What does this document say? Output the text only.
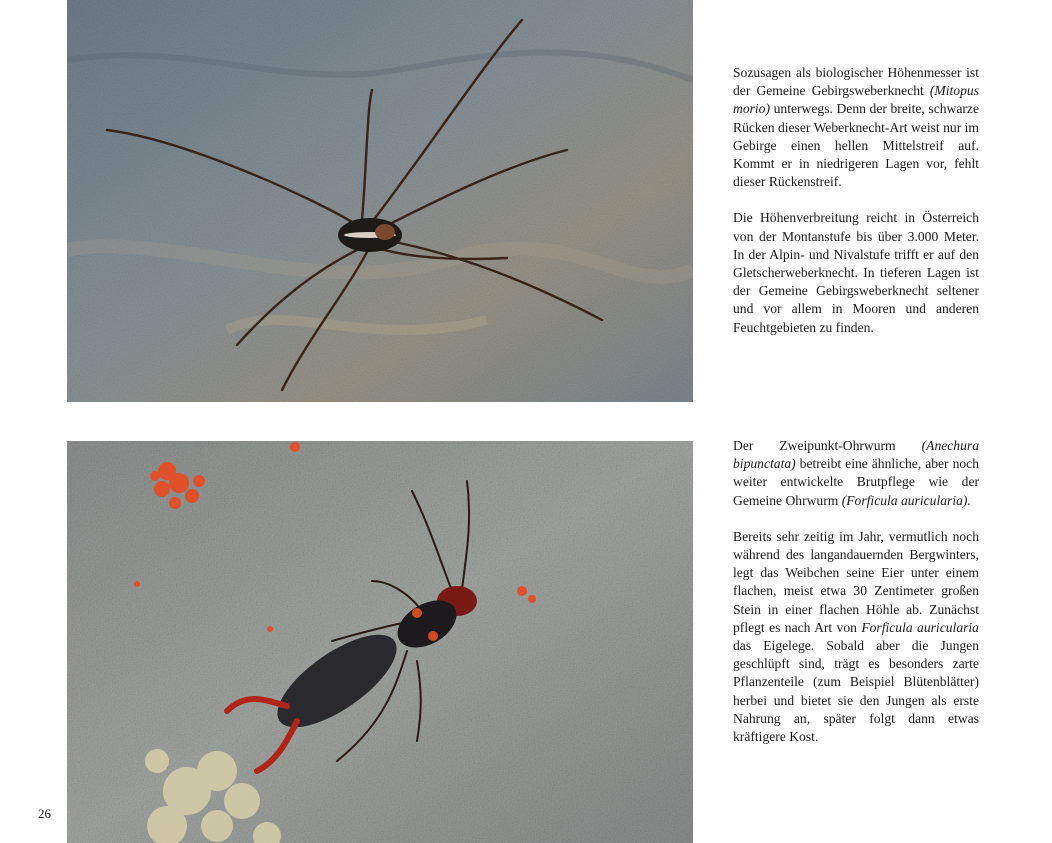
Sozusagen als biologischer Höhenmesser ist der Gemeine Gebirgsweberknecht (Mitopus morio) unterwegs. Denn der breite, schwarze Rücken dieser Weberknecht-Art weist nur im Gebirge einen hellen Mittelstreif auf. Kommt er in niedrigeren Lagen vor, fehlt dieser Rückenstreif.

Die Höhenverbreitung reicht in Österreich von der Montanstufe bis über 3.000 Meter. In der Alpin- und Nivalstufe trifft er auf den Gletscherweberknecht. In tieferen Lagen ist der Gemeine Gebirgsweberknecht seltener und vor allem in Mooren und anderen Feuchtgebieten zu finden.

Der Zweipunkt-Ohrwurm (Anechura bipunctata) betreibt eine ähnliche, aber noch weiter entwickelte Brutpflege wie der Gemeine Ohrwurm (Forficula auricularia).

Bereits sehr zeitig im Jahr, vermutlich noch während des langandauernden Bergwinters, legt das Weibchen seine Eier unter einem flachen, meist etwa 30 Zentimeter großen Stein in einer flachen Höhle ab. Zunächst pflegt es nach Art von Forficula auricularia das Eigelege. Sobald aber die Jungen geschlüpft sind, trägt es besonders zarte Pflanzenteile (zum Beispiel Blütenblätter) herbei und bietet sie den Jungen als erste Nahrung an, später folgt dann etwas kräftigere Kost.

26
